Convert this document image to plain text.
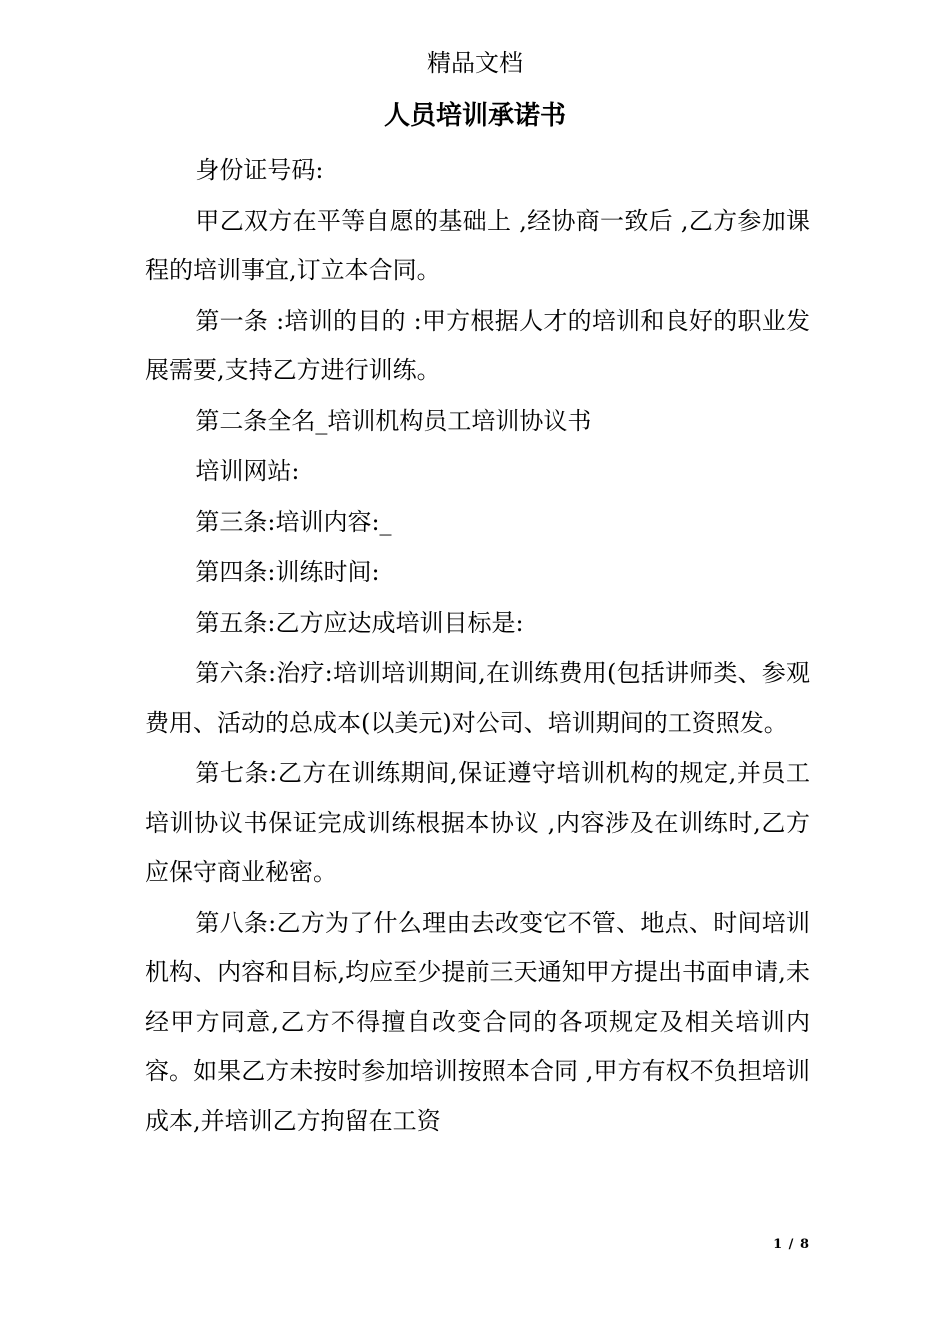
精品文档
人员培训承诺书

身份证号码:

甲乙双方在平等自愿的基础上 ,经协商一致后 ,乙方参加课程的培训事宜,订立本合同。

第一条 :培训的目的 :甲方根据人才的培训和良好的职业发展需要,支持乙方进行训练。

第二条全名_培训机构员工培训协议书

培训网站:

第三条:培训内容:_

第四条:训练时间:

第五条:乙方应达成培训目标是:

第六条:治疗:培训培训期间,在训练费用(包括讲师类、参观费用、活动的总成本(以美元)对公司、培训期间的工资照发。

第七条:乙方在训练期间,保证遵守培训机构的规定,并员工培训协议书保证完成训练根据本协议 ,内容涉及在训练时,乙方应保守商业秘密。

第八条:乙方为了什么理由去改变它不管、地点、时间培训机构、内容和目标,均应至少提前三天通知甲方提出书面申请,未经甲方同意,乙方不得擅自改变合同的各项规定及相关培训内容。如果乙方未按时参加培训按照本合同 ,甲方有权不负担培训成本,并培训乙方拘留在工资

1 / 8
